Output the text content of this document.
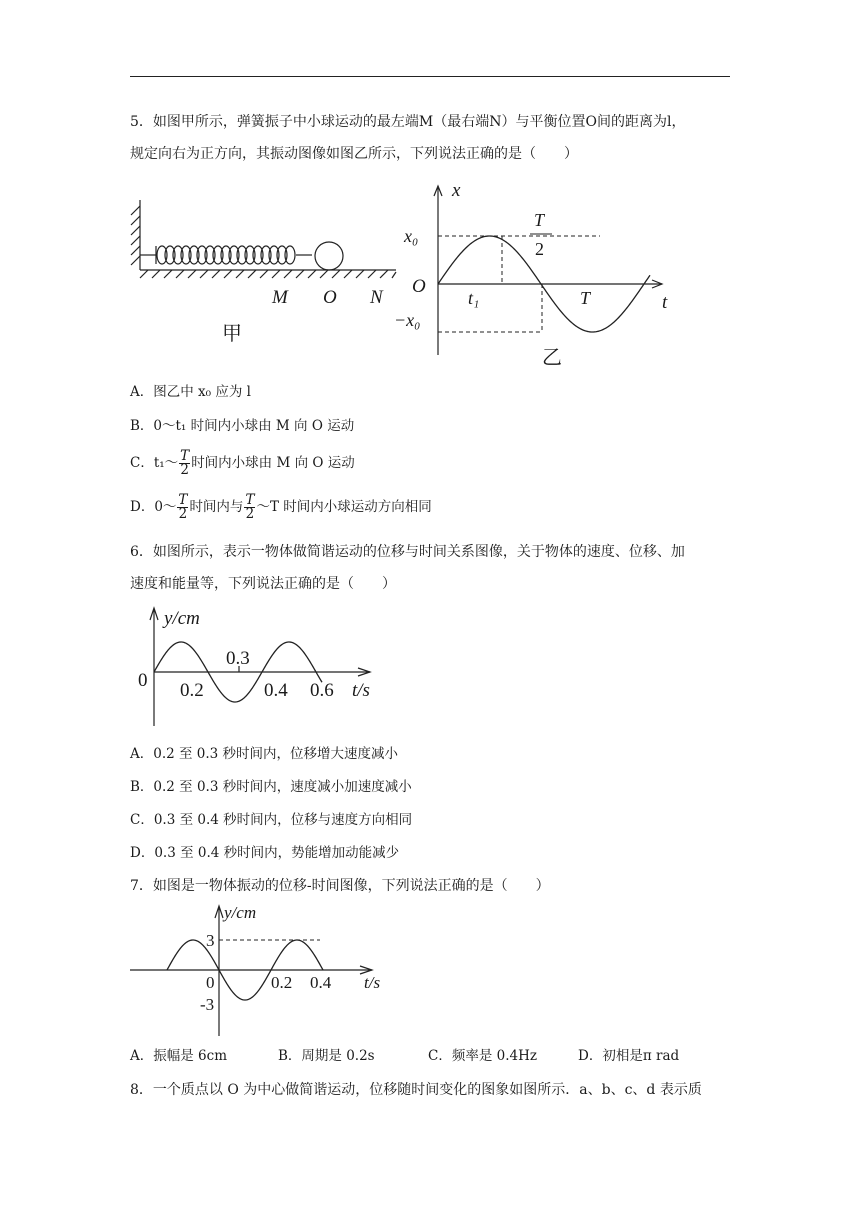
5．如图甲所示，弹簧振子中小球运动的最左端M（最右端N）与平衡位置O间的距离为l，
规定向右为正方向，其振动图像如图乙所示，下列说法正确的是（　　）
M O N
甲
x
t
O
x₀
−x₀
t₁
T
2
T
乙
A．图乙中 x₀ 应为 l
B．0～t₁ 时间内小球由 M 向 O 运动
C．t₁～ $\frac{T}{2}$ 时间内小球由 M 向 O 运动
D．0～ $\frac{T}{2}$ 时间内与 $\frac{T}{2}$ ～T 时间内小球运动方向相同
6．如图所示，表示一物体做简谐运动的位移与时间关系图像，关于物体的速度、位移、加
速度和能量等，下列说法正确的是（　　）
y/cm
t/s
0 0.2
0.3
0.4 0.6
A．0.2 至 0.3 秒时间内，位移增大速度减小
B．0.2 至 0.3 秒时间内，速度减小加速度减小
C．0.3 至 0.4 秒时间内，位移与速度方向相同
D．0.3 至 0.4 秒时间内，势能增加动能减少
7．如图是一物体振动的位移-时间图像，下列说法正确的是（　　）
y/cm
t/s
0
3
-3
0.2 0.4
A．振幅是 6cm	B．周期是 0.2s	C．频率是 0.4Hz	D．初相是π rad
8．一个质点以 O 为中心做简谐运动，位移随时间变化的图象如图所示．a、b、c、d 表示质
